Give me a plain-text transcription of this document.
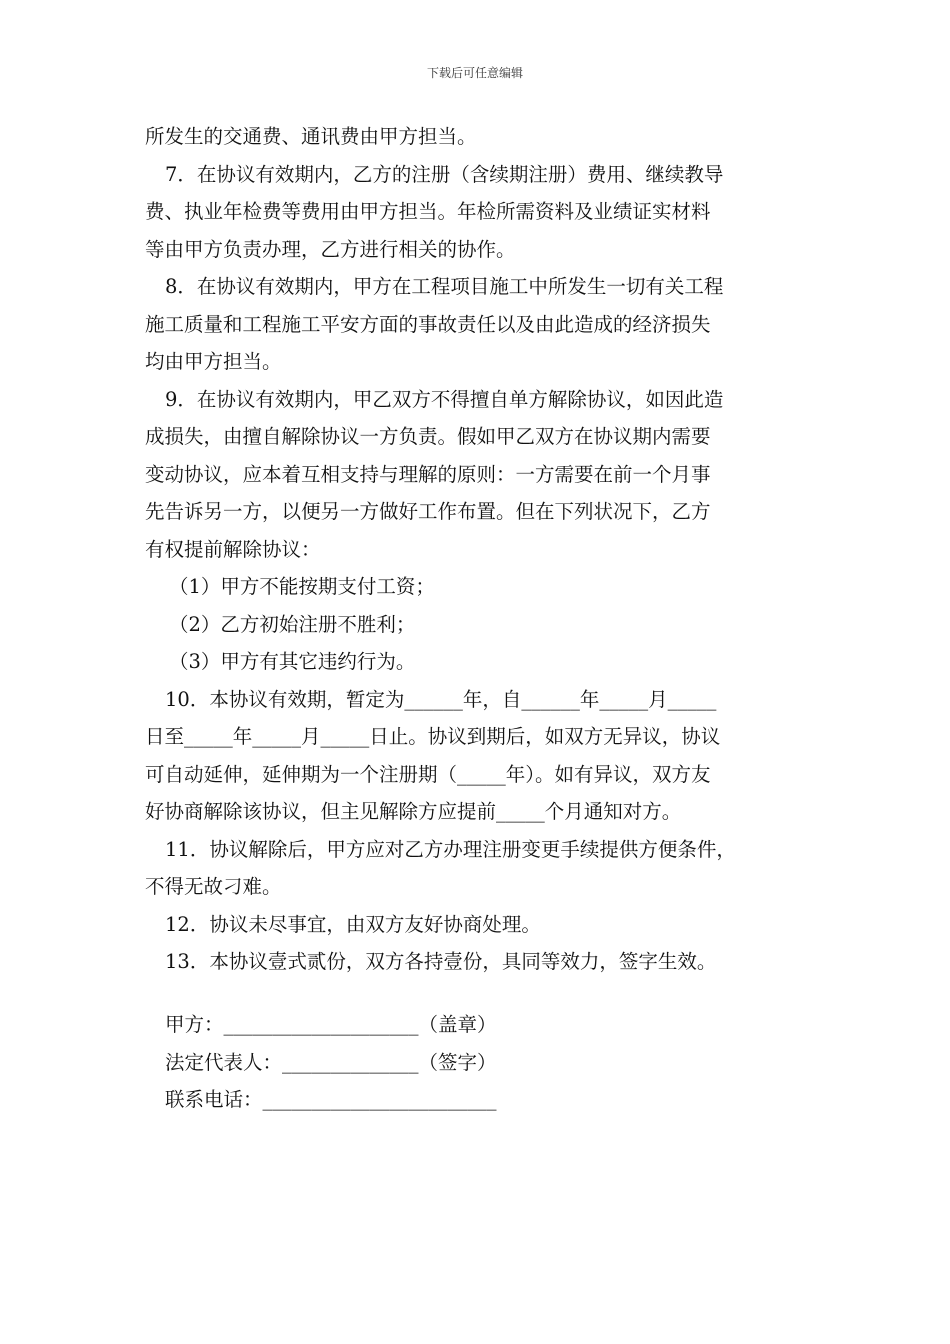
下载后可任意编辑

所发生的交通费、通讯费由甲方担当。

7．在协议有效期内，乙方的注册（含续期注册）费用、继续教导

费、执业年检费等费用由甲方担当。年检所需资料及业绩证实材料

等由甲方负责办理，乙方进行相关的协作。

8．在协议有效期内，甲方在工程项目施工中所发生一切有关工程

施工质量和工程施工平安方面的事故责任以及由此造成的经济损失

均由甲方担当。

9．在协议有效期内，甲乙双方不得擅自单方解除协议，如因此造

成损失，由擅自解除协议一方负责。假如甲乙双方在协议期内需要

变动协议，应本着互相支持与理解的原则：一方需要在前一个月事

先告诉另一方，以便另一方做好工作布置。但在下列状况下，乙方

有权提前解除协议：

（1）甲方不能按期支付工资；

（2）乙方初始注册不胜利；

（3）甲方有其它违约行为。

10．本协议有效期，暂定为______年，自______年_____月_____

日至_____年_____月_____日止。协议到期后，如双方无异议，协议

可自动延伸，延伸期为一个注册期（_____年）。如有异议，双方友

好协商解除该协议，但主见解除方应提前_____个月通知对方。

11．协议解除后，甲方应对乙方办理注册变更手续提供方便条件，

不得无故刁难。

12．协议未尽事宜，由双方友好协商处理。

13．本协议壹式贰份，双方各持壹份，具同等效力，签字生效。

甲方：____________________（盖章）

法定代表人：______________（签字）

联系电话：________________________
